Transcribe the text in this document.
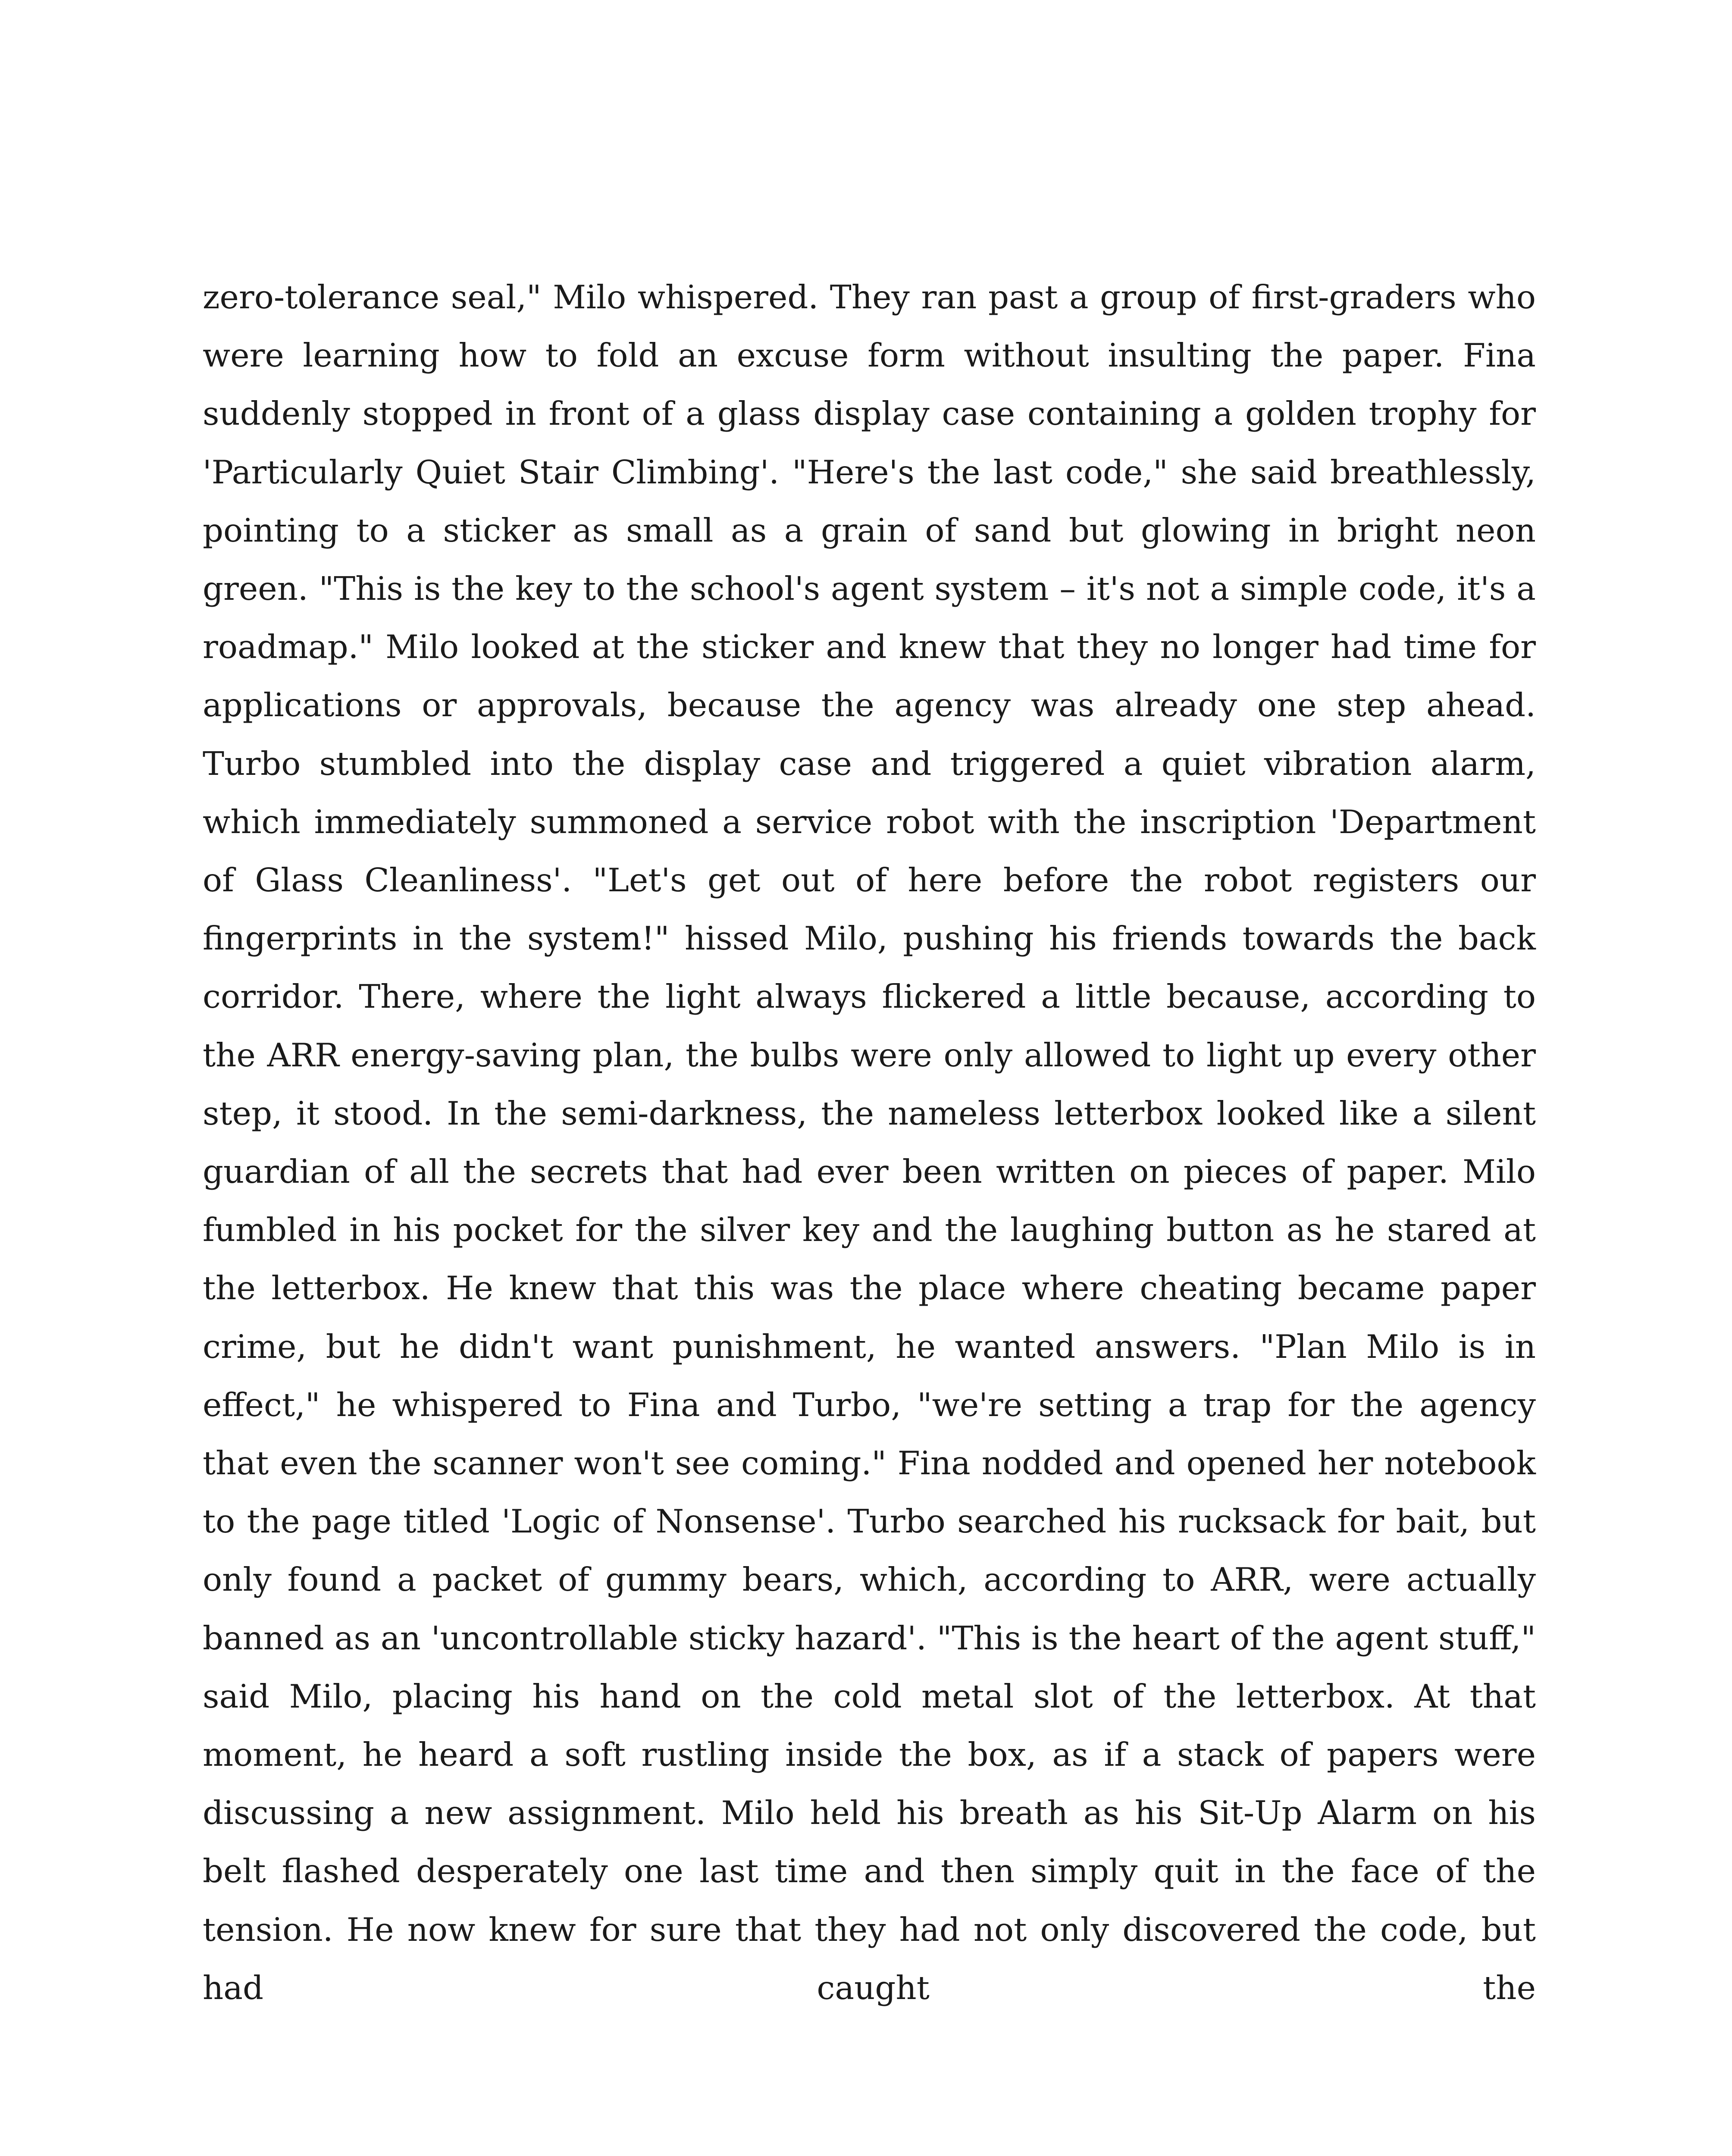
zero-tolerance seal," Milo whispered. They ran past a group of first-graders who were learning how to fold an excuse form without insulting the paper. Fina suddenly stopped in front of a glass display case containing a golden trophy for 'Particularly Quiet Stair Climbing'. "Here's the last code," she said breathlessly, pointing to a sticker as small as a grain of sand but glowing in bright neon green. "This is the key to the school's agent system – it's not a simple code, it's a roadmap." Milo looked at the sticker and knew that they no longer had time for applications or approvals, because the agency was already one step ahead. Turbo stumbled into the display case and triggered a quiet vibration alarm, which immediately summoned a service robot with the inscription 'Department of Glass Cleanliness'. "Let's get out of here before the robot registers our fingerprints in the system!" hissed Milo, pushing his friends towards the back corridor. There, where the light always flickered a little because, according to the ARR energy-saving plan, the bulbs were only allowed to light up every other step, it stood. In the semi-darkness, the nameless letterbox looked like a silent guardian of all the secrets that had ever been written on pieces of paper. Milo fumbled in his pocket for the silver key and the laughing button as he stared at the letterbox. He knew that this was the place where cheating became paper crime, but he didn't want punishment, he wanted answers. "Plan Milo is in effect," he whispered to Fina and Turbo, "we're setting a trap for the agency that even the scanner won't see coming." Fina nodded and opened her notebook to the page titled 'Logic of Nonsense'. Turbo searched his rucksack for bait, but only found a packet of gummy bears, which, according to ARR, were actually banned as an 'uncontrollable sticky hazard'. "This is the heart of the agent stuff," said Milo, placing his hand on the cold metal slot of the letterbox. At that moment, he heard a soft rustling inside the box, as if a stack of papers were discussing a new assignment. Milo held his breath as his Sit-Up Alarm on his belt flashed desperately one last time and then simply quit in the face of the tension. He now knew for sure that they had not only discovered the code, but had caught the
